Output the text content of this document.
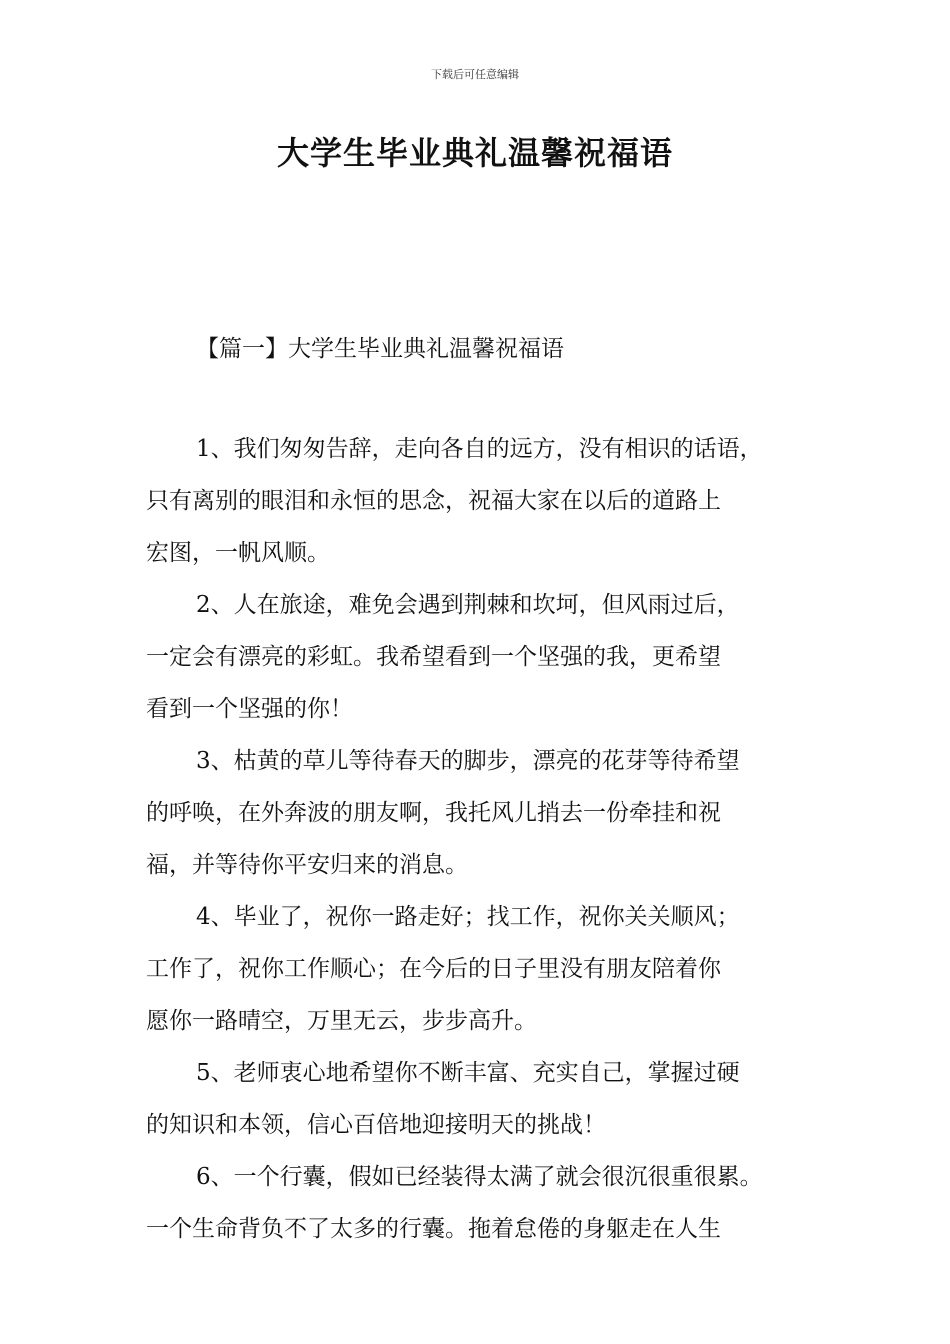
下载后可任意编辑
大学生毕业典礼温馨祝福语
【篇一】大学生毕业典礼温馨祝福语

1、我们匆匆告辞，走向各自的远方，没有相识的话语，
只有离别的眼泪和永恒的思念，祝福大家在以后的道路上
宏图，一帆风顺。

2、人在旅途，难免会遇到荆棘和坎坷，但风雨过后，
一定会有漂亮的彩虹。我希望看到一个坚强的我，更希望
看到一个坚强的你！

3、枯黄的草儿等待春天的脚步，漂亮的花芽等待希望
的呼唤，在外奔波的朋友啊，我托风儿捎去一份牵挂和祝
福，并等待你平安归来的消息。

4、毕业了，祝你一路走好；找工作，祝你关关顺风；
工作了，祝你工作顺心；在今后的日子里没有朋友陪着你
愿你一路晴空，万里无云，步步高升。

5、老师衷心地希望你不断丰富、充实自己，掌握过硬
的知识和本领，信心百倍地迎接明天的挑战！

6、一个行囊，假如已经装得太满了就会很沉很重很累。
一个生命背负不了太多的行囊。拖着怠倦的身躯走在人生
